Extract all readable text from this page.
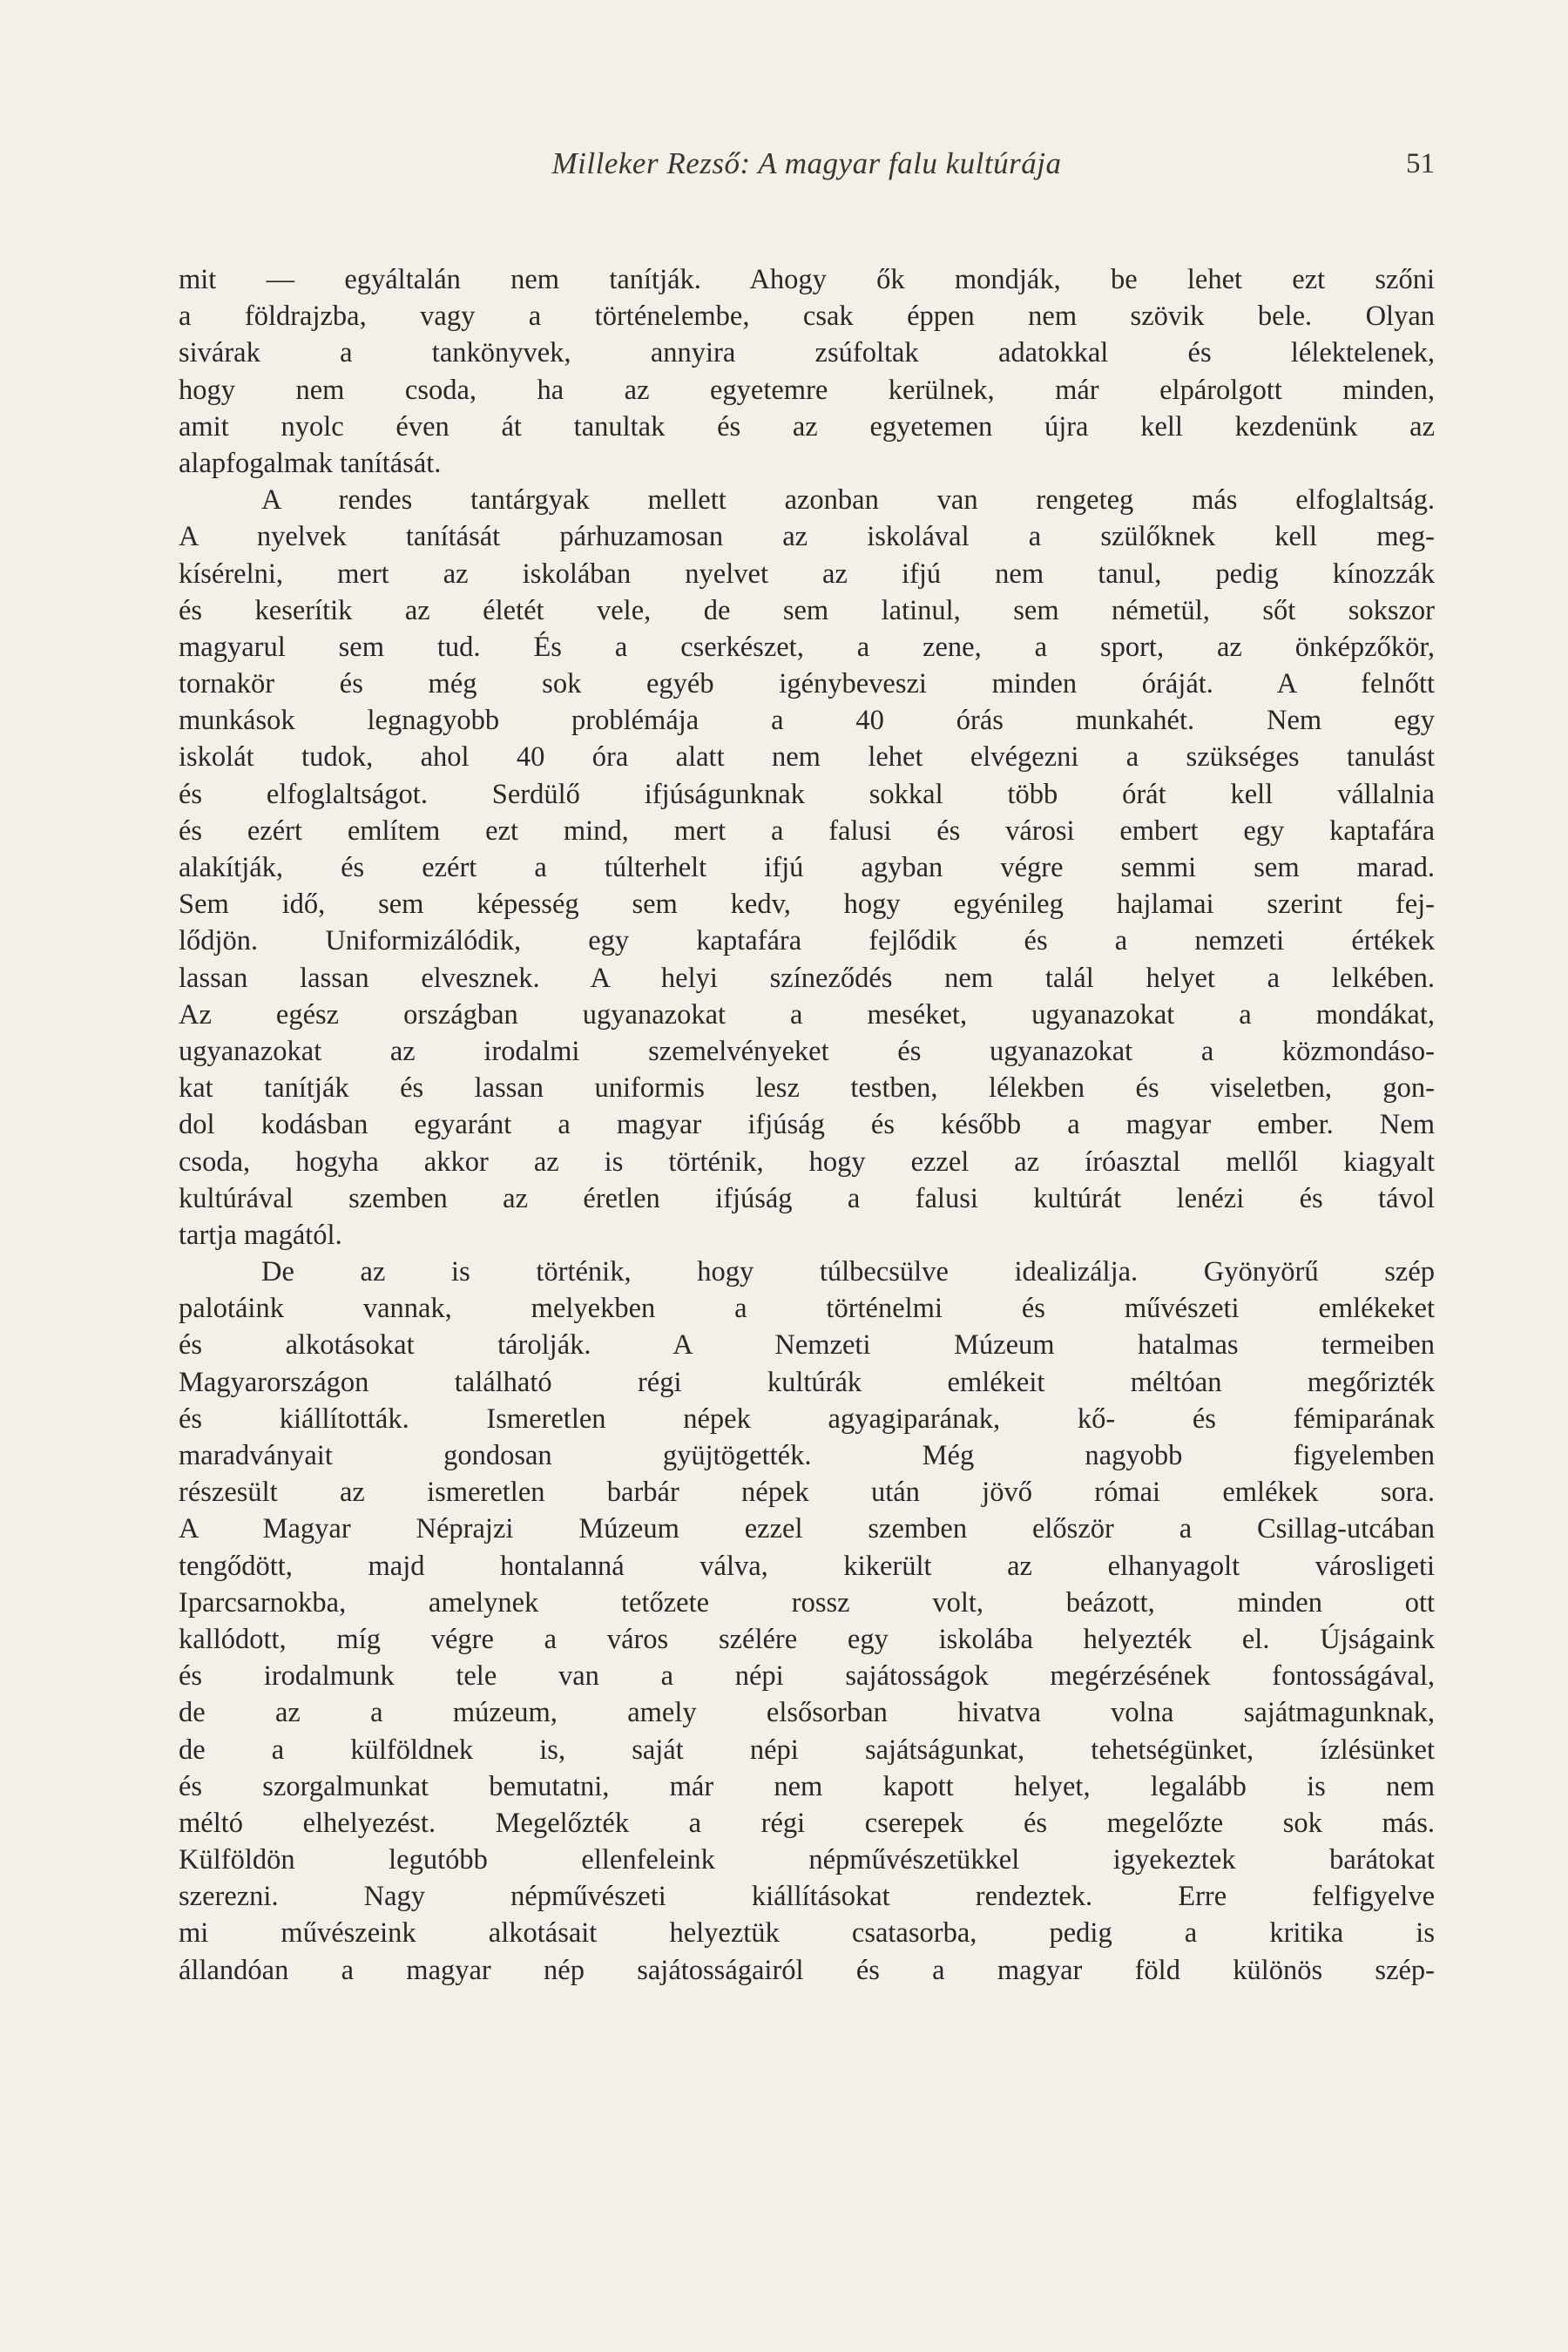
Milleker Rezső: A magyar falu kultúrája	51
mit — egyáltalán nem tanítják. Ahogy ők mondják, be lehet ezt szőni
a földrajzba, vagy a történelembe, csak éppen nem szövik bele. Olyan
sivárak a tankönyvek, annyira zsúfoltak adatokkal és lélektelenek,
hogy nem csoda, ha az egyetemre kerülnek, már elpárolgott minden,
amit nyolc éven át tanultak és az egyetemen újra kell kezdenünk az
alapfogalmak tanítását.
A rendes tantárgyak mellett azonban van rengeteg más elfoglaltság.
A nyelvek tanítását párhuzamosan az iskolával a szülőknek kell meg-
kísérelni, mert az iskolában nyelvet az ifjú nem tanul, pedig kínozzák
és keserítik az életét vele, de sem latinul, sem németül, sőt sokszor
magyarul sem tud. És a cserkészet, a zene, a sport, az önképzőkör,
tornakör és még sok egyéb igénybeveszi minden óráját. A felnőtt
munkások legnagyobb problémája a 40 órás munkahét. Nem egy
iskolát tudok, ahol 40 óra alatt nem lehet elvégezni a szükséges tanulást
és elfoglaltságot. Serdülő ifjúságunknak sokkal több órát kell vállalnia
és ezért említem ezt mind, mert a falusi és városi embert egy kaptafára
alakítják, és ezért a túlterhelt ifjú agyban végre semmi sem marad.
Sem idő, sem képesség sem kedv, hogy egyénileg hajlamai szerint fej-
lődjön. Uniformizálódik, egy kaptafára fejlődik és a nemzeti értékek
lassan lassan elvesznek. A helyi színeződés nem talál helyet a lelkében.
Az egész országban ugyanazokat a meséket, ugyanazokat a mondákat,
ugyanazokat az irodalmi szemelvényeket és ugyanazokat a közmondáso-
kat tanítják és lassan uniformis lesz testben, lélekben és viseletben, gon-
dol kodásban egyaránt a magyar ifjúság és később a magyar ember. Nem
csoda, hogyha akkor az is történik, hogy ezzel az íróasztal mellől kiagyalt
kultúrával szemben az éretlen ifjúság a falusi kultúrát lenézi és távol
tartja magától.
De az is történik, hogy túlbecsülve idealizálja. Gyönyörű szép
palotáink vannak, melyekben a történelmi és művészeti emlékeket
és alkotásokat tárolják. A Nemzeti Múzeum hatalmas termeiben
Magyarországon található régi kultúrák emlékeit méltóan megőrizték
és kiállították. Ismeretlen népek agyagiparának, kő- és fémiparának
maradványait gondosan gyüjtögették. Még nagyobb figyelemben
részesült az ismeretlen barbár népek után jövő római emlékek sora.
A Magyar Néprajzi Múzeum ezzel szemben először a Csillag-utcában
tengődött, majd hontalanná válva, kikerült az elhanyagolt városligeti
Iparcsarnokba, amelynek tetőzete rossz volt, beázott, minden ott
kallódott, míg végre a város szélére egy iskolába helyezték el. Újságaink
és irodalmunk tele van a népi sajátosságok megérzésének fontosságával,
de az a múzeum, amely elsősorban hivatva volna sajátmagunknak,
de a külföldnek is, saját népi sajátságunkat, tehetségünket, ízlésünket
és szorgalmunkat bemutatni, már nem kapott helyet, legalább is nem
méltó elhelyezést. Megelőzték a régi cserepek és megelőzte sok más.
Külföldön legutóbb ellenfeleink népművészetükkel igyekeztek barátokat
szerezni. Nagy népművészeti kiállításokat rendeztek. Erre felfigyelve
mi művészeink alkotásait helyeztük csatasorba, pedig a kritika is
állandóan a magyar nép sajátosságairól és a magyar föld különös szép-
